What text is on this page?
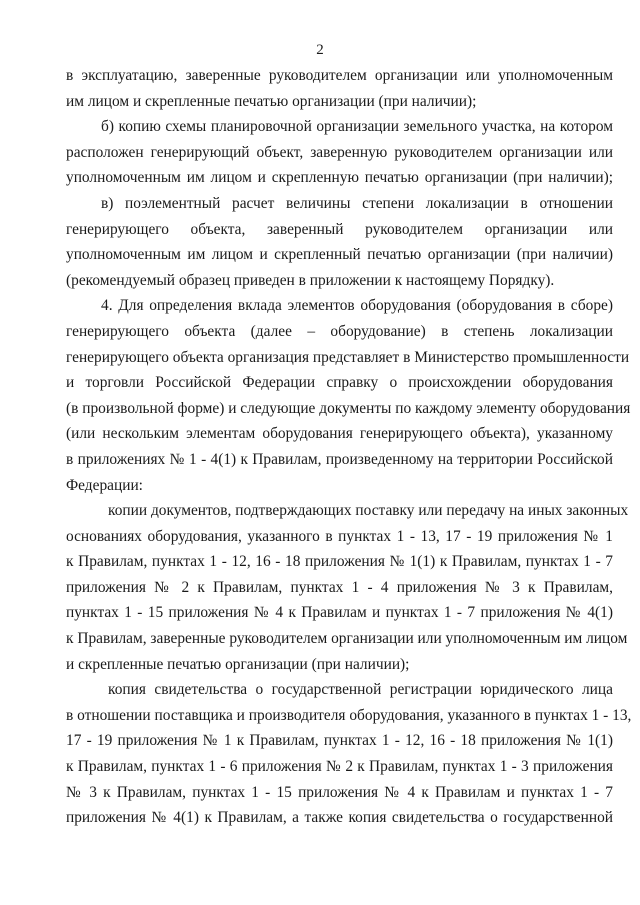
2
в эксплуатацию, заверенные руководителем организации или уполномоченным
им лицом и скрепленные печатью организации (при наличии);
б) копию схемы планировочной организации земельного участка, на котором
расположен генерирующий объект, заверенную руководителем организации или
уполномоченным им лицом и скрепленную печатью организации (при наличии);
в) поэлементный расчет величины степени локализации в отношении
генерирующего объекта, заверенный руководителем организации или
уполномоченным им лицом и скрепленный печатью организации (при наличии)
(рекомендуемый образец приведен в приложении к настоящему Порядку).
4. Для определения вклада элементов оборудования (оборудования в сборе)
генерирующего объекта (далее – оборудование) в степень локализации
генерирующего объекта организация представляет в Министерство промышленности
и торговли Российской Федерации справку о происхождении оборудования
(в произвольной форме) и следующие документы по каждому элементу оборудования
(или нескольким элементам оборудования генерирующего объекта), указанному
в приложениях № 1 - 4(1) к Правилам, произведенному на территории Российской
Федерации:
копии документов, подтверждающих поставку или передачу на иных законных
основаниях оборудования, указанного в пунктах 1 - 13, 17 - 19 приложения № 1
к Правилам, пунктах 1 - 12, 16 - 18 приложения № 1(1) к Правилам, пунктах 1 - 7
приложения № 2 к Правилам, пунктах 1 - 4 приложения № 3 к Правилам,
пунктах 1 - 15 приложения № 4 к Правилам и пунктах 1 - 7 приложения № 4(1)
к Правилам, заверенные руководителем организации или уполномоченным им лицом
и скрепленные печатью организации (при наличии);
копия свидетельства о государственной регистрации юридического лица
в отношении поставщика и производителя оборудования, указанного в пунктах 1 - 13,
17 - 19 приложения № 1 к Правилам, пунктах 1 - 12, 16 - 18 приложения № 1(1)
к Правилам, пунктах 1 - 6 приложения № 2 к Правилам, пунктах 1 - 3 приложения
№ 3 к Правилам, пунктах 1 - 15 приложения № 4 к Правилам и пунктах 1 - 7
приложения № 4(1) к Правилам, а также копия свидетельства о государственной
